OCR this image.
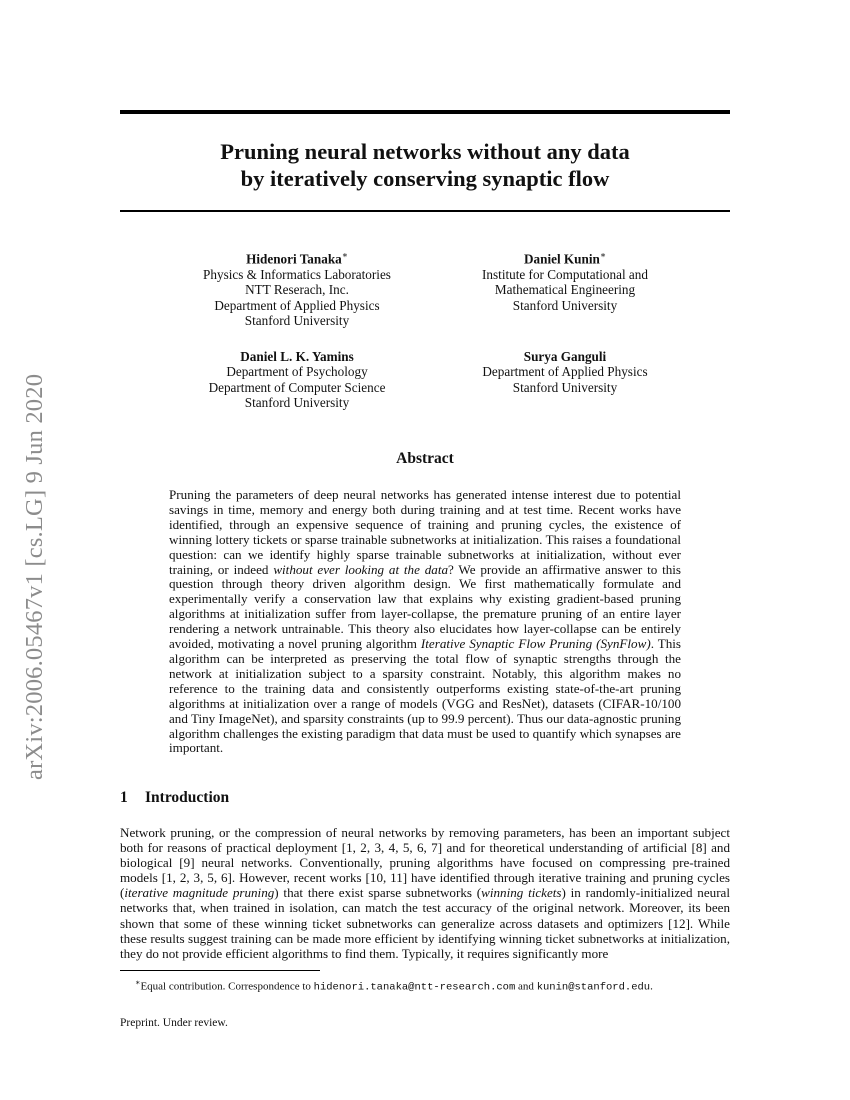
arXiv:2006.05467v1 [cs.LG] 9 Jun 2020
Pruning neural networks without any data
by iteratively conserving synaptic flow
Hidenori Tanaka∗
Physics & Informatics Laboratories
NTT Reserach, Inc.
Department of Applied Physics
Stanford University
Daniel Kunin∗
Institute for Computational and
Mathematical Engineering
Stanford University
Daniel L. K. Yamins
Department of Psychology
Department of Computer Science
Stanford University
Surya Ganguli
Department of Applied Physics
Stanford University
Abstract
Pruning the parameters of deep neural networks has generated intense interest due to potential savings in time, memory and energy both during training and at test time. Recent works have identified, through an expensive sequence of training and pruning cycles, the existence of winning lottery tickets or sparse trainable subnetworks at initialization. This raises a foundational question: can we identify highly sparse trainable subnetworks at initialization, without ever training, or indeed without ever looking at the data? We provide an affirmative answer to this question through theory driven algorithm design. We first mathematically formulate and experimentally verify a conservation law that explains why existing gradient-based pruning algorithms at initialization suffer from layer-collapse, the premature pruning of an entire layer rendering a network untrainable. This theory also elucidates how layer-collapse can be entirely avoided, motivating a novel pruning algorithm Iterative Synaptic Flow Pruning (SynFlow). This algorithm can be interpreted as preserving the total flow of synaptic strengths through the network at initialization subject to a sparsity constraint. Notably, this algorithm makes no reference to the training data and consistently outperforms existing state-of-the-art pruning algorithms at initialization over a range of models (VGG and ResNet), datasets (CIFAR-10/100 and Tiny ImageNet), and sparsity constraints (up to 99.9 percent). Thus our data-agnostic pruning algorithm challenges the existing paradigm that data must be used to quantify which synapses are important.
1 Introduction
Network pruning, or the compression of neural networks by removing parameters, has been an important subject both for reasons of practical deployment [1, 2, 3, 4, 5, 6, 7] and for theoretical understanding of artificial [8] and biological [9] neural networks. Conventionally, pruning algorithms have focused on compressing pre-trained models [1, 2, 3, 5, 6]. However, recent works [10, 11] have identified through iterative training and pruning cycles (iterative magnitude pruning) that there exist sparse subnetworks (winning tickets) in randomly-initialized neural networks that, when trained in isolation, can match the test accuracy of the original network. Moreover, its been shown that some of these winning ticket subnetworks can generalize across datasets and optimizers [12]. While these results suggest training can be made more efficient by identifying winning ticket subnetworks at initialization, they do not provide efficient algorithms to find them. Typically, it requires significantly more
∗Equal contribution. Correspondence to hidenori.tanaka@ntt-research.com and kunin@stanford.edu.
Preprint. Under review.
